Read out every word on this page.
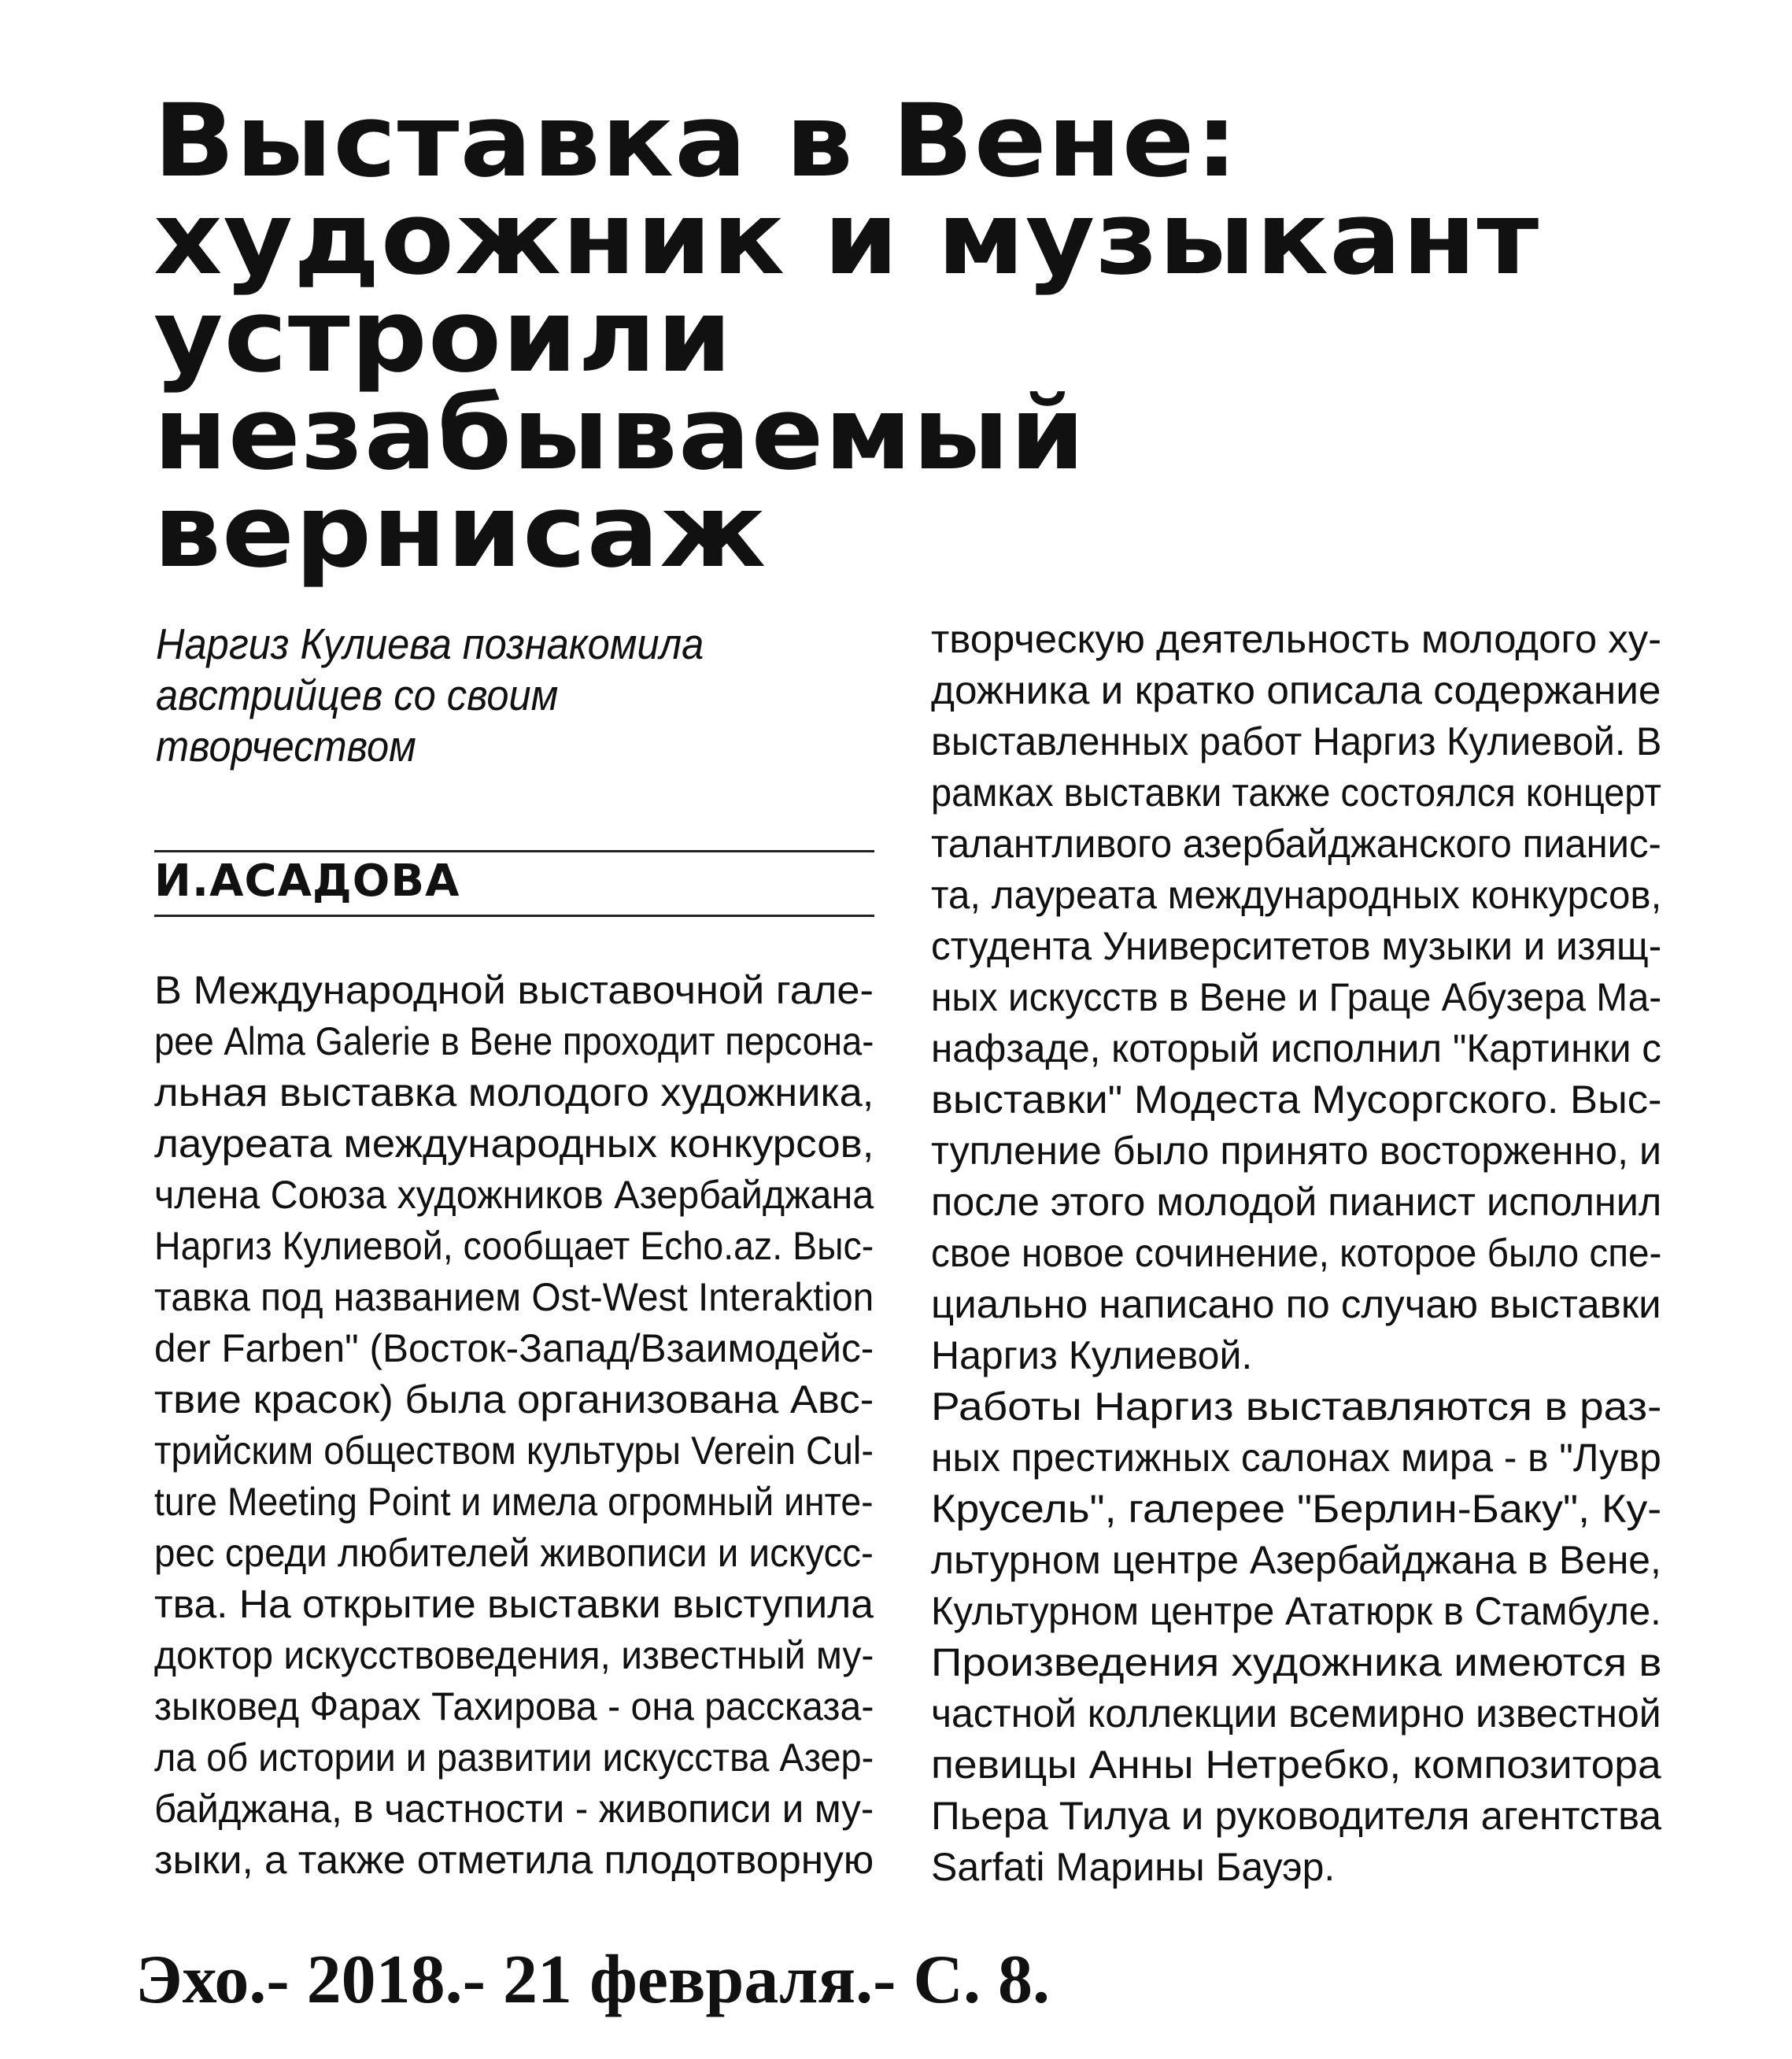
Выставка в Вене:
художник и музыкант
устроили
незабываемый
вернисаж
Наргиз Кулиева познакомила
австрийцев со своим
творчеством
И.АСАДОВА
В Международной выставочной гале-
рее Alma Galerie в Вене проходит персона-
льная выставка молодого художника,
лауреата международных конкурсов,
члена Союза художников Азербайджана
Наргиз Кулиевой, сообщает Echo.az. Выс-
тавка под названием Ost-West Interaktion
der Farben" (Восток-Запад/Взаимодейс-
твие красок) была организована Авс-
трийским обществом культуры Verein Cul-
ture Meeting Point и имела огромный инте-
рес среди любителей живописи и искусс-
тва. На открытие выставки выступила
доктор искусствоведения, известный му-
зыковед Фарах Тахирова - она рассказа-
ла об истории и развитии искусства Азер-
байджана, в частности - живописи и му-
зыки, а также отметила плодотворную
творческую деятельность молодого ху-
дожника и кратко описала содержание
выставленных работ Наргиз Кулиевой. В
рамках выставки также состоялся концерт
талантливого азербайджанского пианис-
та, лауреата международных конкурсов,
студента Университетов музыки и изящ-
ных искусств в Вене и Граце Абузера Ма-
нафзаде, который исполнил "Картинки с
выставки" Модеста Мусоргского. Выс-
тупление было принято восторженно, и
после этого молодой пианист исполнил
свое новое сочинение, которое было спе-
циально написано по случаю выставки
Наргиз Кулиевой.
Работы Наргиз выставляются в раз-
ных престижных салонах мира - в "Лувр
Крусель", галерее "Берлин-Баку", Ку-
льтурном центре Азербайджана в Вене,
Культурном центре Ататюрк в Стамбуле.
Произведения художника имеются в
частной коллекции всемирно известной
певицы Анны Нетребко, композитора
Пьера Тилуа и руководителя агентства
Sarfati Марины Бауэр.
Эхо.- 2018.- 21 февраля.- С. 8.
